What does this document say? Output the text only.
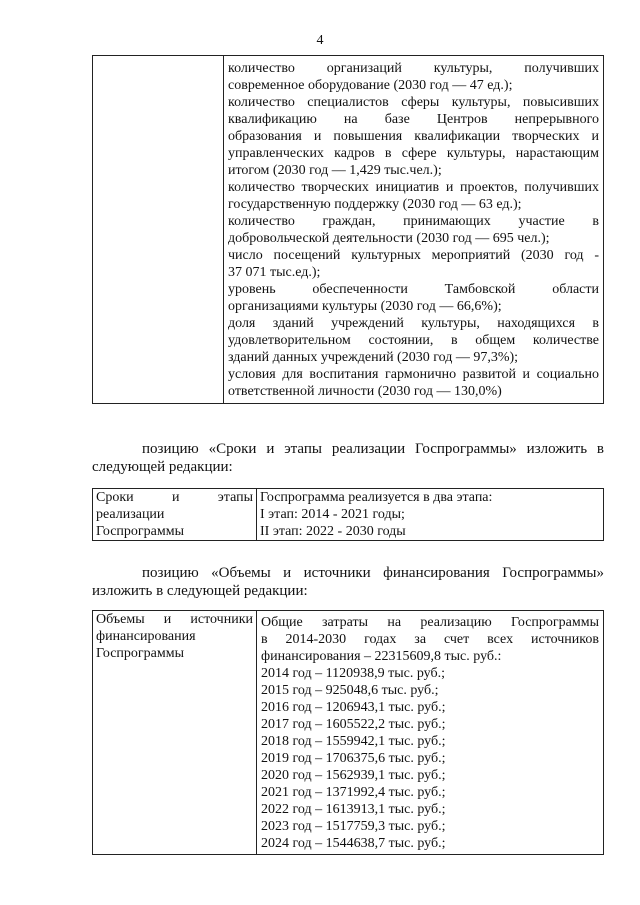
4

количество организаций культуры, получивших
современное оборудование (2030 год — 47 ед.);
количество специалистов сферы культуры, повысивших
квалификацию на базе Центров непрерывного
образования и повышения квалификации творческих и
управленческих кадров в сфере культуры, нарастающим
итогом (2030 год — 1,429 тыс.чел.);
количество творческих инициатив и проектов, получивших
государственную поддержку (2030 год — 63 ед.);
количество граждан, принимающих участие в
добровольческой деятельности (2030 год — 695 чел.);
число посещений культурных мероприятий (2030 год -
37 071 тыс.ед.);
уровень обеспеченности Тамбовской области
организациями культуры (2030 год — 66,6%);
доля зданий учреждений культуры, находящихся в
удовлетворительном состоянии, в общем количестве
зданий данных учреждений (2030 год — 97,3%);
условия для воспитания гармонично развитой и социально
ответственной личности (2030 год — 130,0%)
позицию «Сроки и этапы реализации Госпрограммы» изложить в
следующей редакции:
Сроки и этапы
реализации
Госпрограммы

Госпрограмма реализуется в два этапа:
I этап: 2014 - 2021 годы;
II этап: 2022 - 2030 годы
позицию «Объемы и источники финансирования Госпрограммы»
изложить в следующей редакции:
Объемы и источники
финансирования
Госпрограммы

Общие затраты на реализацию Госпрограммы
в 2014-2030 годах за счет всех источников
финансирования – 22315609,8 тыс. руб.:
2014 год – 1120938,9 тыс. руб.;
2015 год – 925048,6 тыс. руб.;
2016 год – 1206943,1 тыс. руб.;
2017 год – 1605522,2 тыс. руб.;
2018 год – 1559942,1 тыс. руб.;
2019 год – 1706375,6 тыс. руб.;
2020 год – 1562939,1 тыс. руб.;
2021 год – 1371992,4 тыс. руб.;
2022 год – 1613913,1 тыс. руб.;
2023 год – 1517759,3 тыс. руб.;
2024 год – 1544638,7 тыс. руб.;
